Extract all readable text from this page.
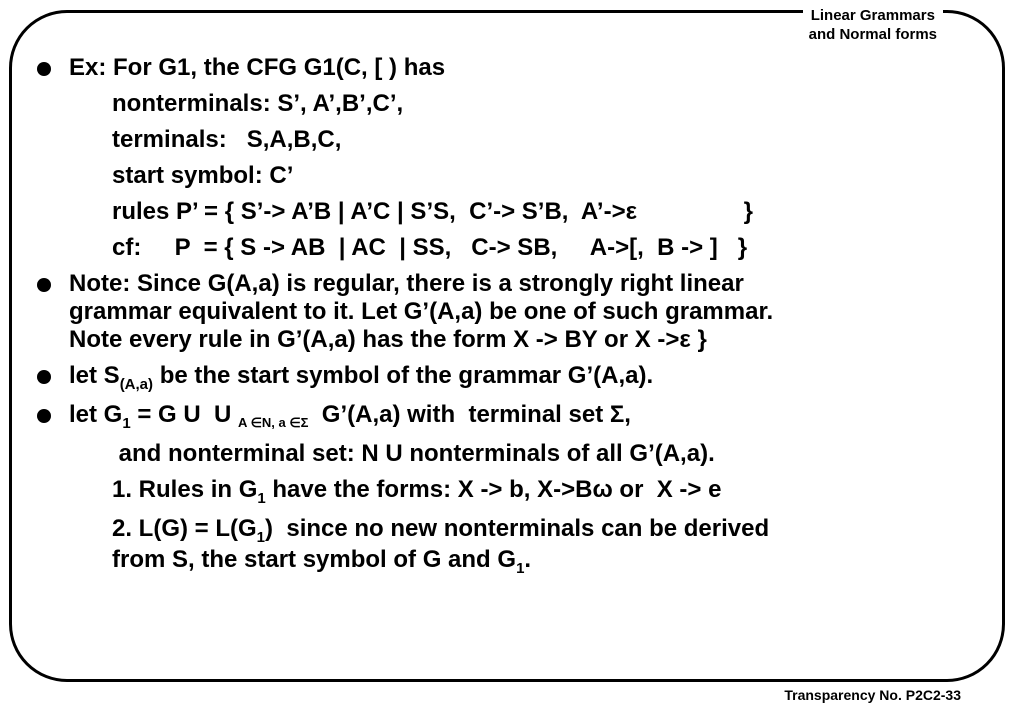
Linear Grammars
and Normal forms
Ex: For G1, the CFG G1(C, [ ) has
nonterminals: S’, A’,B’,C’,
terminals:   S,A,B,C,
start symbol: C’
rules P’ = { S’-> A’B | A’C | S’S,  C’-> S’B,  A’->ε                }
cf:     P  = { S -> AB  | AC  | SS,   C-> SB,     A->[,  B -> ]   }
Note: Since G(A,a) is regular, there is a strongly right linear
grammar equivalent to it. Let G’(A,a) be one of such grammar.
Note every rule in G’(A,a) has the form X -> BY or X ->ε }
let $S_{(A,a)}$ be the start symbol of the grammar G’(A,a).
let $G_1 = G$ U  U $_{A \in N, a \in\Sigma}$  G’(A,a) with  terminal set Σ,
and nonterminal set: N U nonterminals of all G’(A,a).
1. Rules in $G_1$ have the forms: X -> b, X->Bω or  X -> e
2. $L(G) = L(G_1)$  since no new nonterminals can be derived
from S, the start symbol of G and $G_1$.
Transparency No. P2C2-33
